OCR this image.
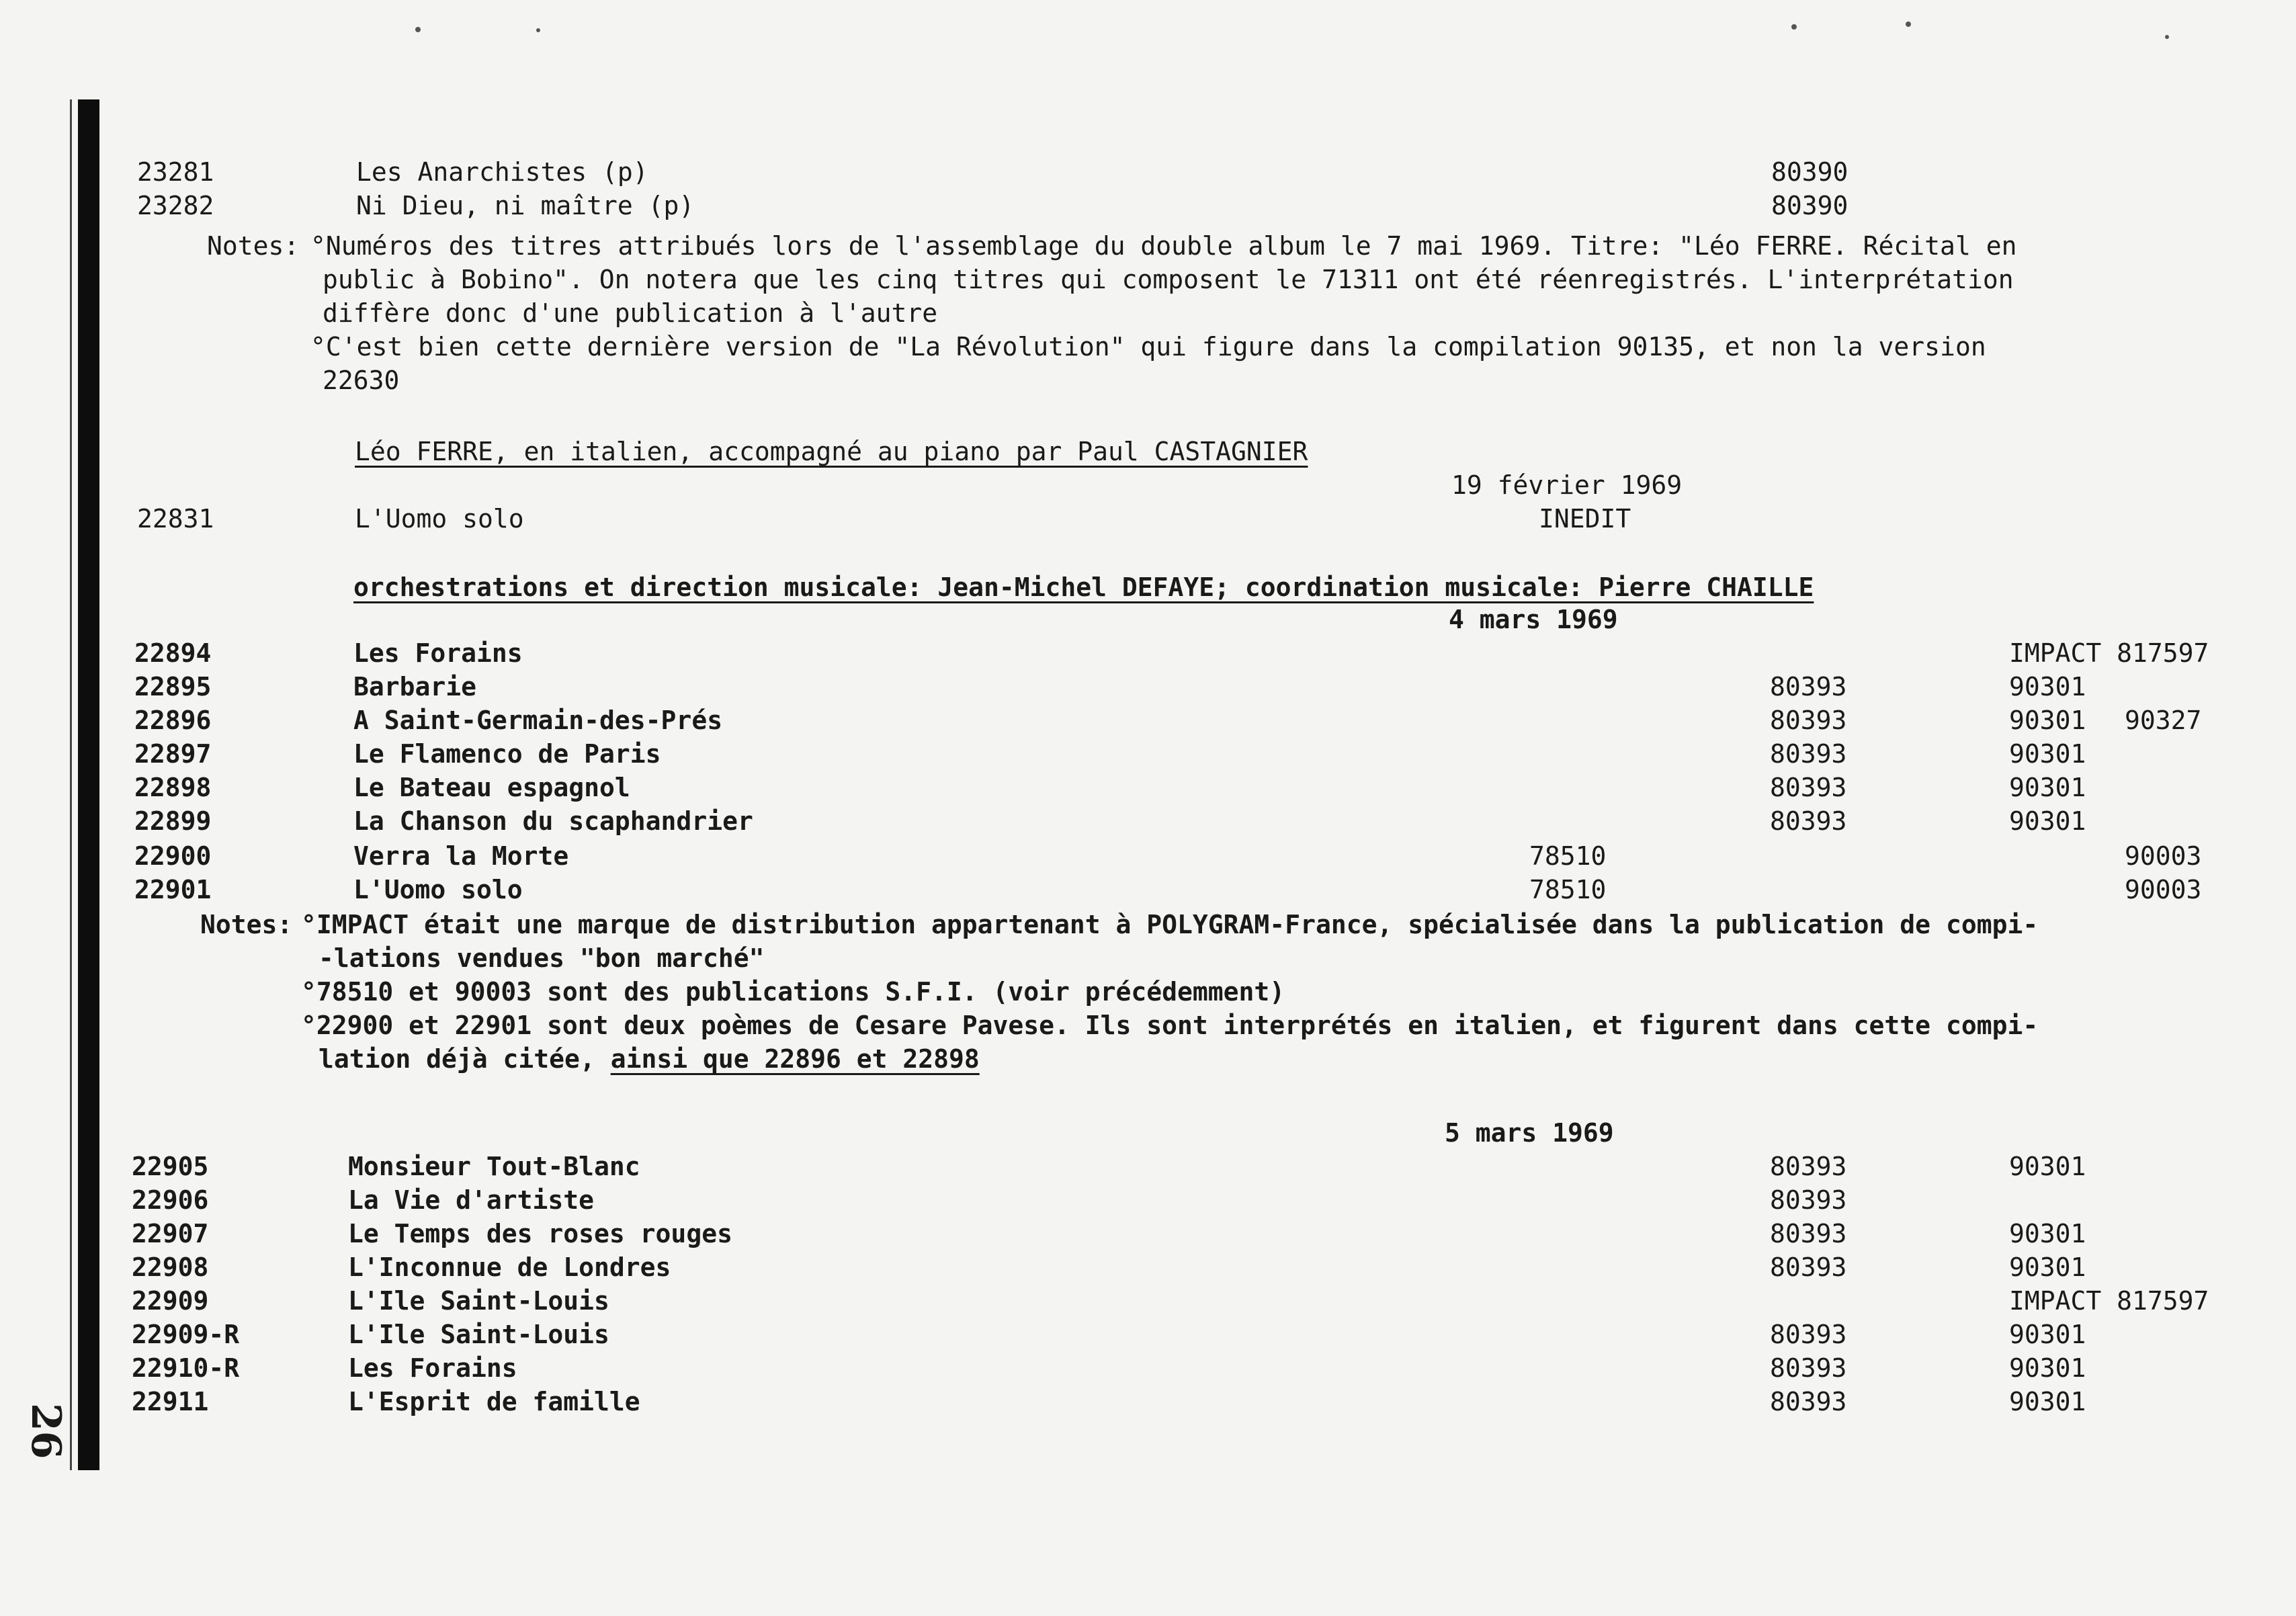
26
23281	Les Anarchistes (p)	80390
23282	Ni Dieu, ni maître (p)	80390
Notes: °Numéros des titres attribués lors de l'assemblage du double album le 7 mai 1969. Titre: "Léo FERRE. Récital en
public à Bobino". On notera que les cinq titres qui composent le 71311 ont été réenregistrés. L'interprétation
diffère donc d'une publication à l'autre
°C'est bien cette dernière version de "La Révolution" qui figure dans la compilation 90135, et non la version
22630
Léo FERRE, en italien, accompagné au piano par Paul CASTAGNIER
19 février 1969
22831	L'Uomo solo	INEDIT
orchestrations et direction musicale: Jean-Michel DEFAYE; coordination musicale: Pierre CHAILLE
4 mars 1969
22894	Les Forains	IMPACT 817597
22895	Barbarie	80393	90301
22896	A Saint-Germain-des-Prés	80393	90301 90327
22897	Le Flamenco de Paris	80393	90301
22898	Le Bateau espagnol	80393	90301
22899	La Chanson du scaphandrier	80393	90301
22900	Verra la Morte	78510	90003
22901	L'Uomo solo	78510	90003
Notes: °IMPACT était une marque de distribution appartenant à POLYGRAM-France, spécialisée dans la publication de compi-
-lations vendues "bon marché"
°78510 et 90003 sont des publications S.F.I. (voir précédemment)
°22900 et 22901 sont deux poèmes de Cesare Pavese. Ils sont interprétés en italien, et figurent dans cette compi-
lation déjà citée, ainsi que 22896 et 22898
5 mars 1969
22905	Monsieur Tout-Blanc	80393	90301
22906	La Vie d'artiste	80393
22907	Le Temps des roses rouges	80393	90301
22908	L'Inconnue de Londres	80393	90301
22909	L'Ile Saint-Louis	IMPACT 817597
22909-R	L'Ile Saint-Louis	80393	90301
22910-R	Les Forains	80393	90301
22911	L'Esprit de famille	80393	90301
